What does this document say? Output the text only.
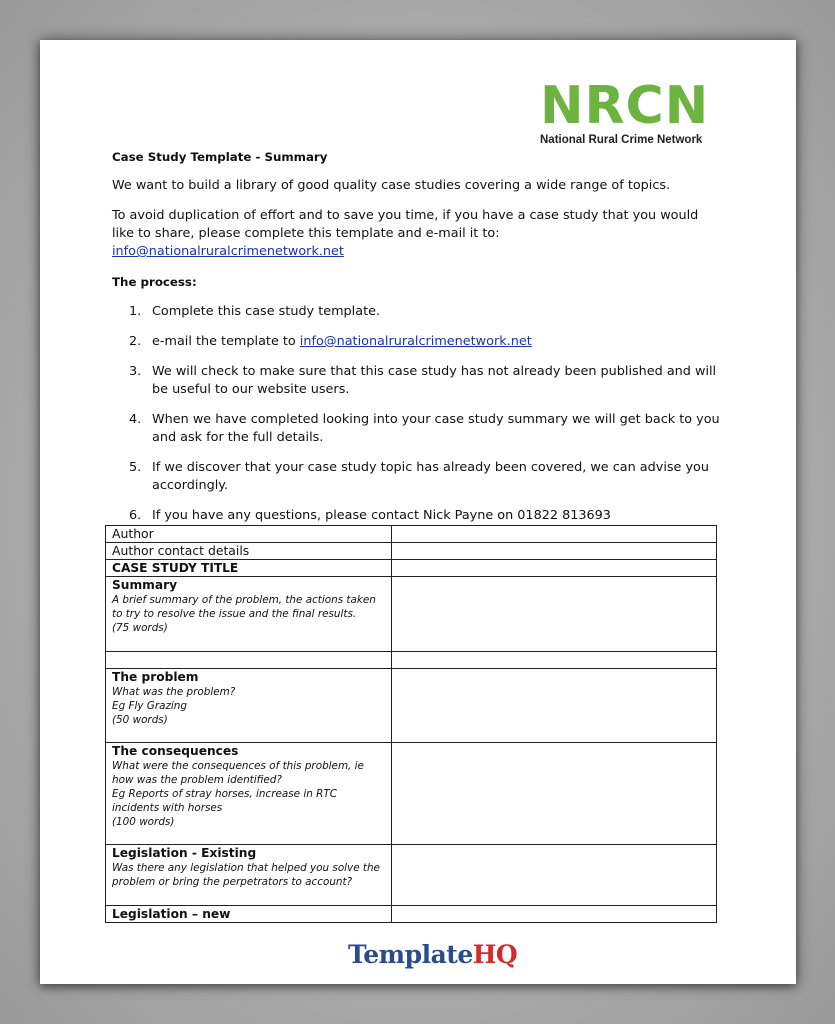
NRCN
National Rural Crime Network

Case Study Template - Summary

We want to build a library of good quality case studies covering a wide range of topics.

To avoid duplication of effort and to save you time, if you have a case study that you would like to share, please complete this template and e-mail it to:  info@nationalruralcrimenetwork.net

The process:

1. Complete this case study template.
2. e-mail the template to info@nationalruralcrimenetwork.net
3. We will check to make sure that this case study has not already been published and will be useful to our website users.
4. When we have completed looking into your case study summary we will get back to you and ask for the full details.
5. If we discover that your case study topic has already been covered, we can advise you accordingly.
6. If you have any questions, please contact Nick Payne on 01822 813693
Author	
Author contact details	
CASE STUDY TITLE	

Summary
A brief summary of the problem, the actions taken to try to resolve the issue and the final results.
(75 words)	

The problem
What was the problem?
Eg Fly Grazing
(50 words)	

The consequences
What were the consequences of this problem, ie how was the problem identified?
Eg Reports of stray horses, increase in RTC incidents with horses
(100 words)	

Legislation - Existing
Was there any legislation that helped you solve the problem or bring the perpetrators to account?	

Legislation – new	
TemplateHQ
